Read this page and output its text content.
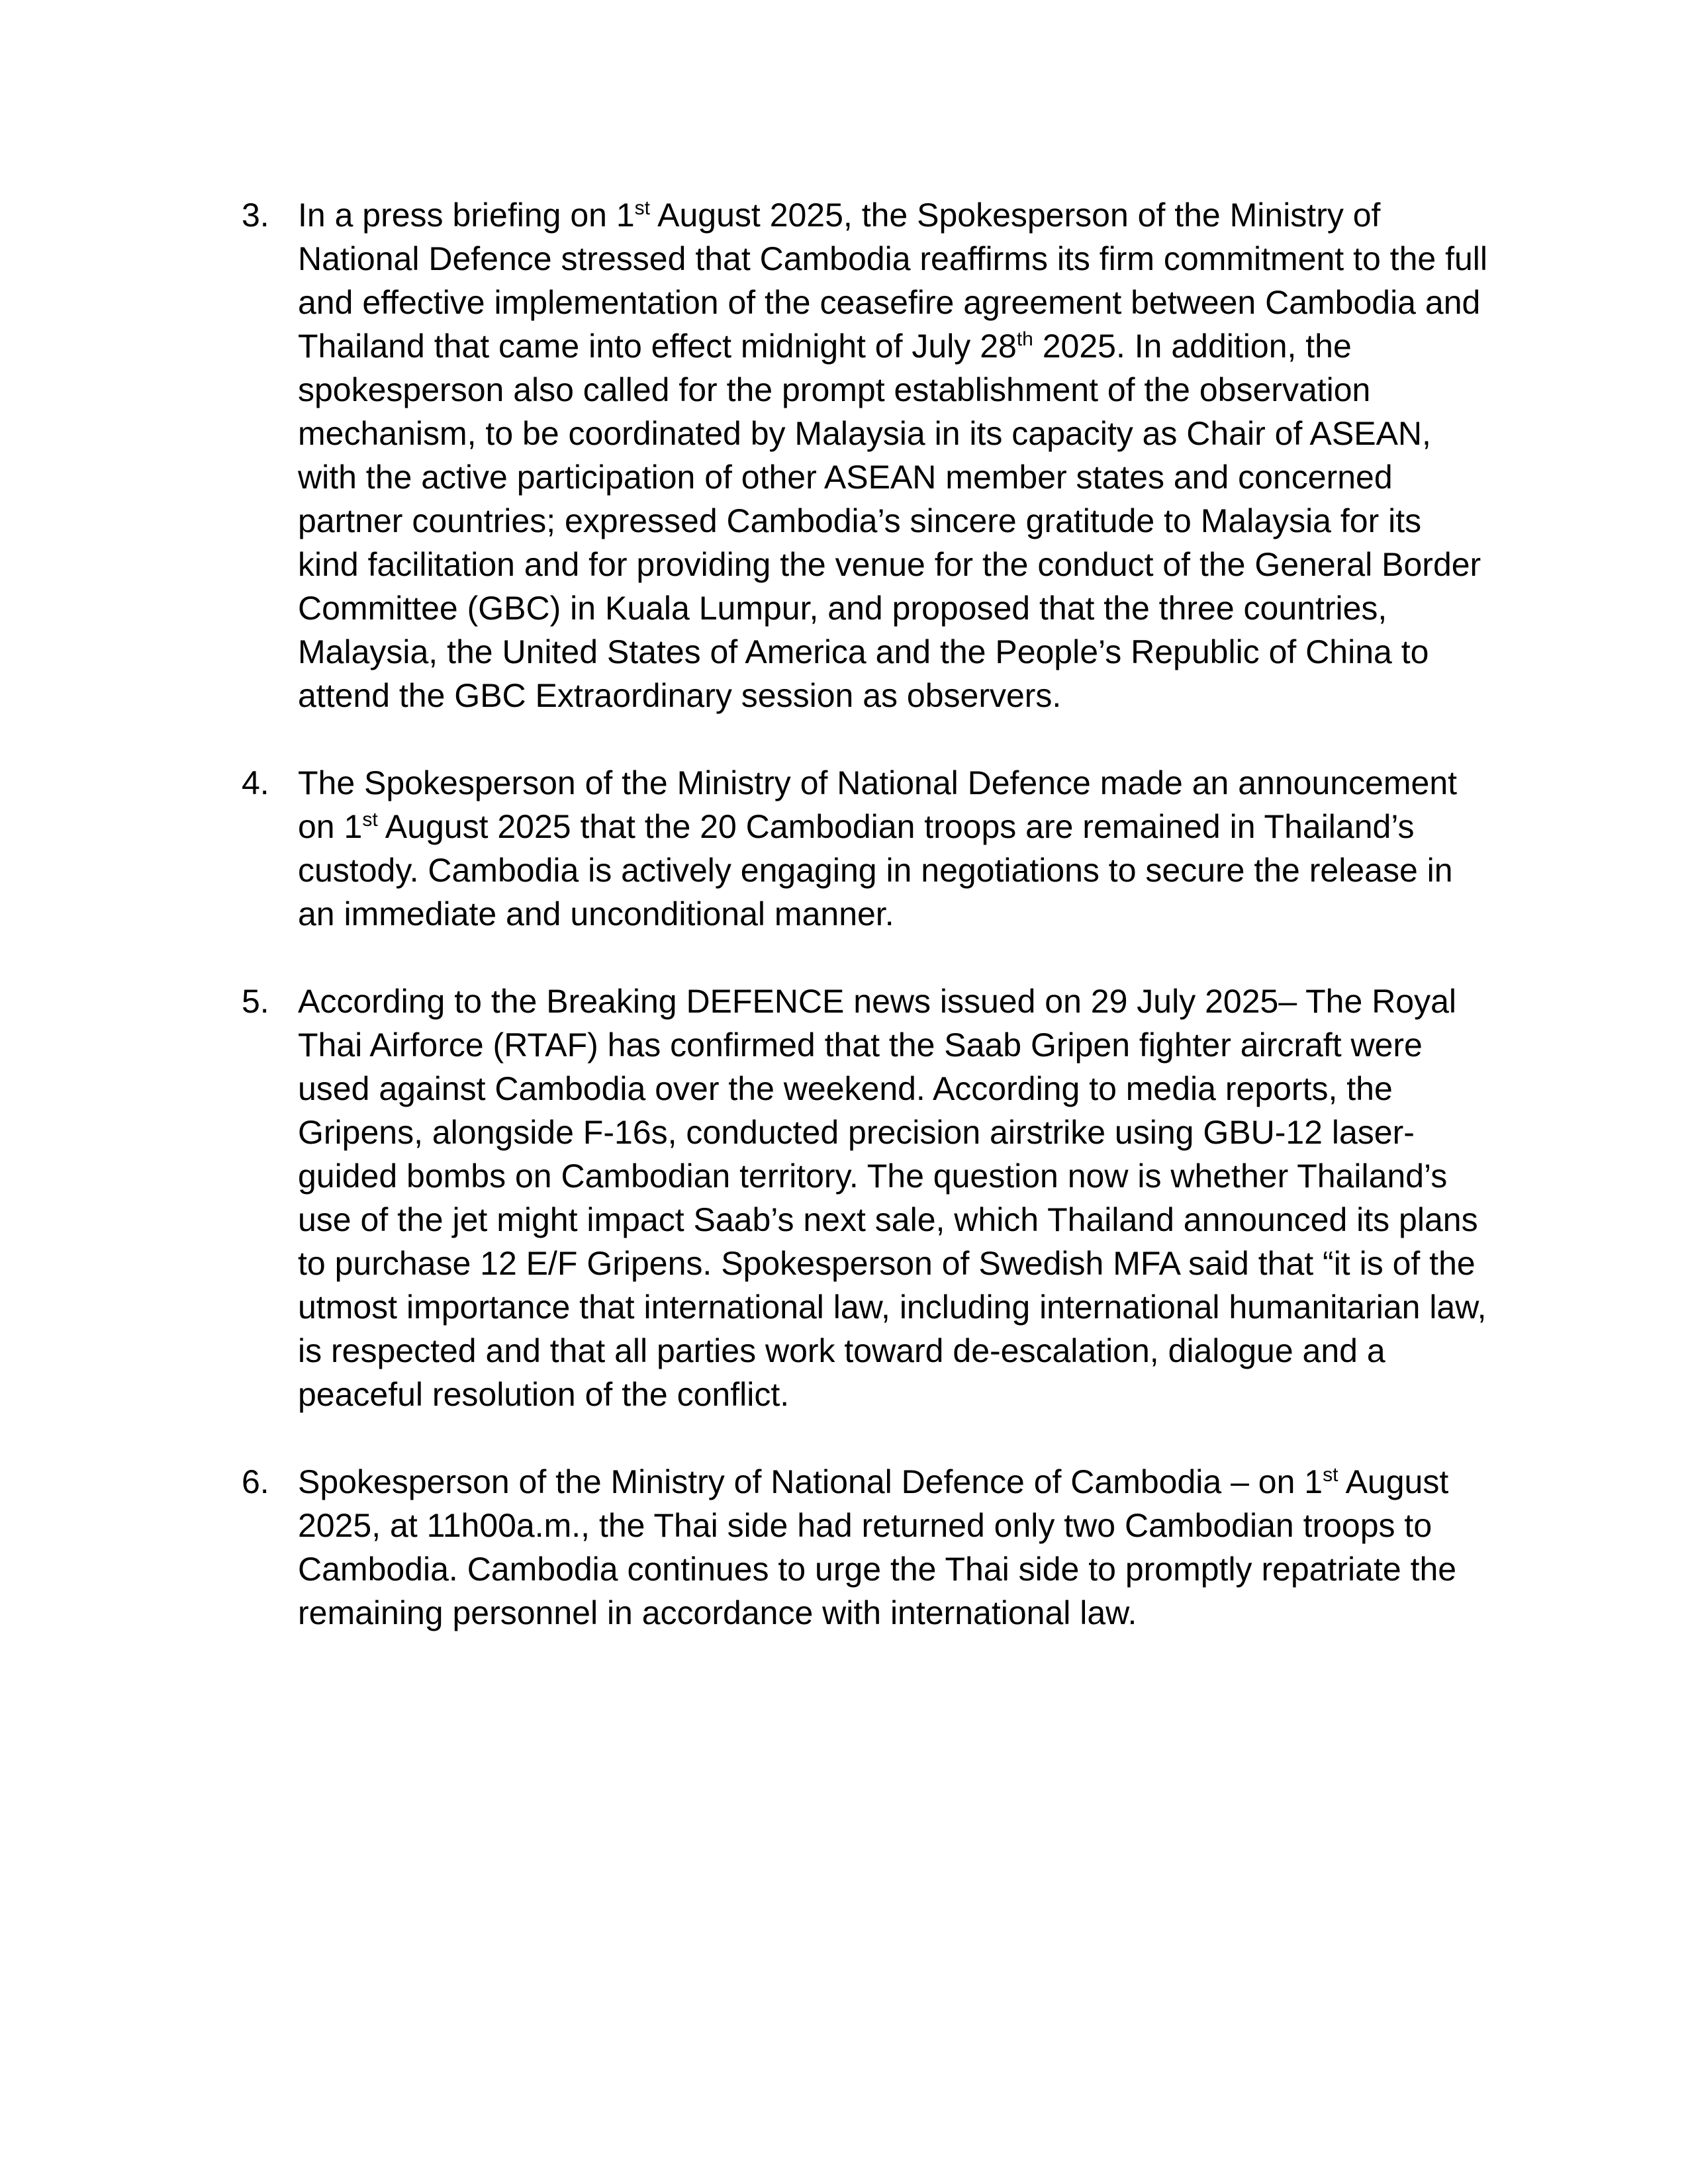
3. In a press briefing on 1st August 2025, the Spokesperson of the Ministry of
National Defence stressed that Cambodia reaffirms its firm commitment to the full
and effective implementation of the ceasefire agreement between Cambodia and
Thailand that came into effect midnight of July 28th 2025. In addition, the
spokesperson also called for the prompt establishment of the observation
mechanism, to be coordinated by Malaysia in its capacity as Chair of ASEAN,
with the active participation of other ASEAN member states and concerned
partner countries; expressed Cambodia’s sincere gratitude to Malaysia for its
kind facilitation and for providing the venue for the conduct of the General Border
Committee (GBC) in Kuala Lumpur, and proposed that the three countries,
Malaysia, the United States of America and the People’s Republic of China to
attend the GBC Extraordinary session as observers.
4. The Spokesperson of the Ministry of National Defence made an announcement
on 1st August 2025 that the 20 Cambodian troops are remained in Thailand’s
custody. Cambodia is actively engaging in negotiations to secure the release in
an immediate and unconditional manner.
5. According to the Breaking DEFENCE news issued on 29 July 2025– The Royal
Thai Airforce (RTAF) has confirmed that the Saab Gripen fighter aircraft were
used against Cambodia over the weekend. According to media reports, the
Gripens, alongside F-16s, conducted precision airstrike using GBU-12 laser-
guided bombs on Cambodian territory. The question now is whether Thailand’s
use of the jet might impact Saab’s next sale, which Thailand announced its plans
to purchase 12 E/F Gripens. Spokesperson of Swedish MFA said that “it is of the
utmost importance that international law, including international humanitarian law,
is respected and that all parties work toward de-escalation, dialogue and a
peaceful resolution of the conflict.
6. Spokesperson of the Ministry of National Defence of Cambodia – on 1st August
2025, at 11h00a.m., the Thai side had returned only two Cambodian troops to
Cambodia. Cambodia continues to urge the Thai side to promptly repatriate the
remaining personnel in accordance with international law.
